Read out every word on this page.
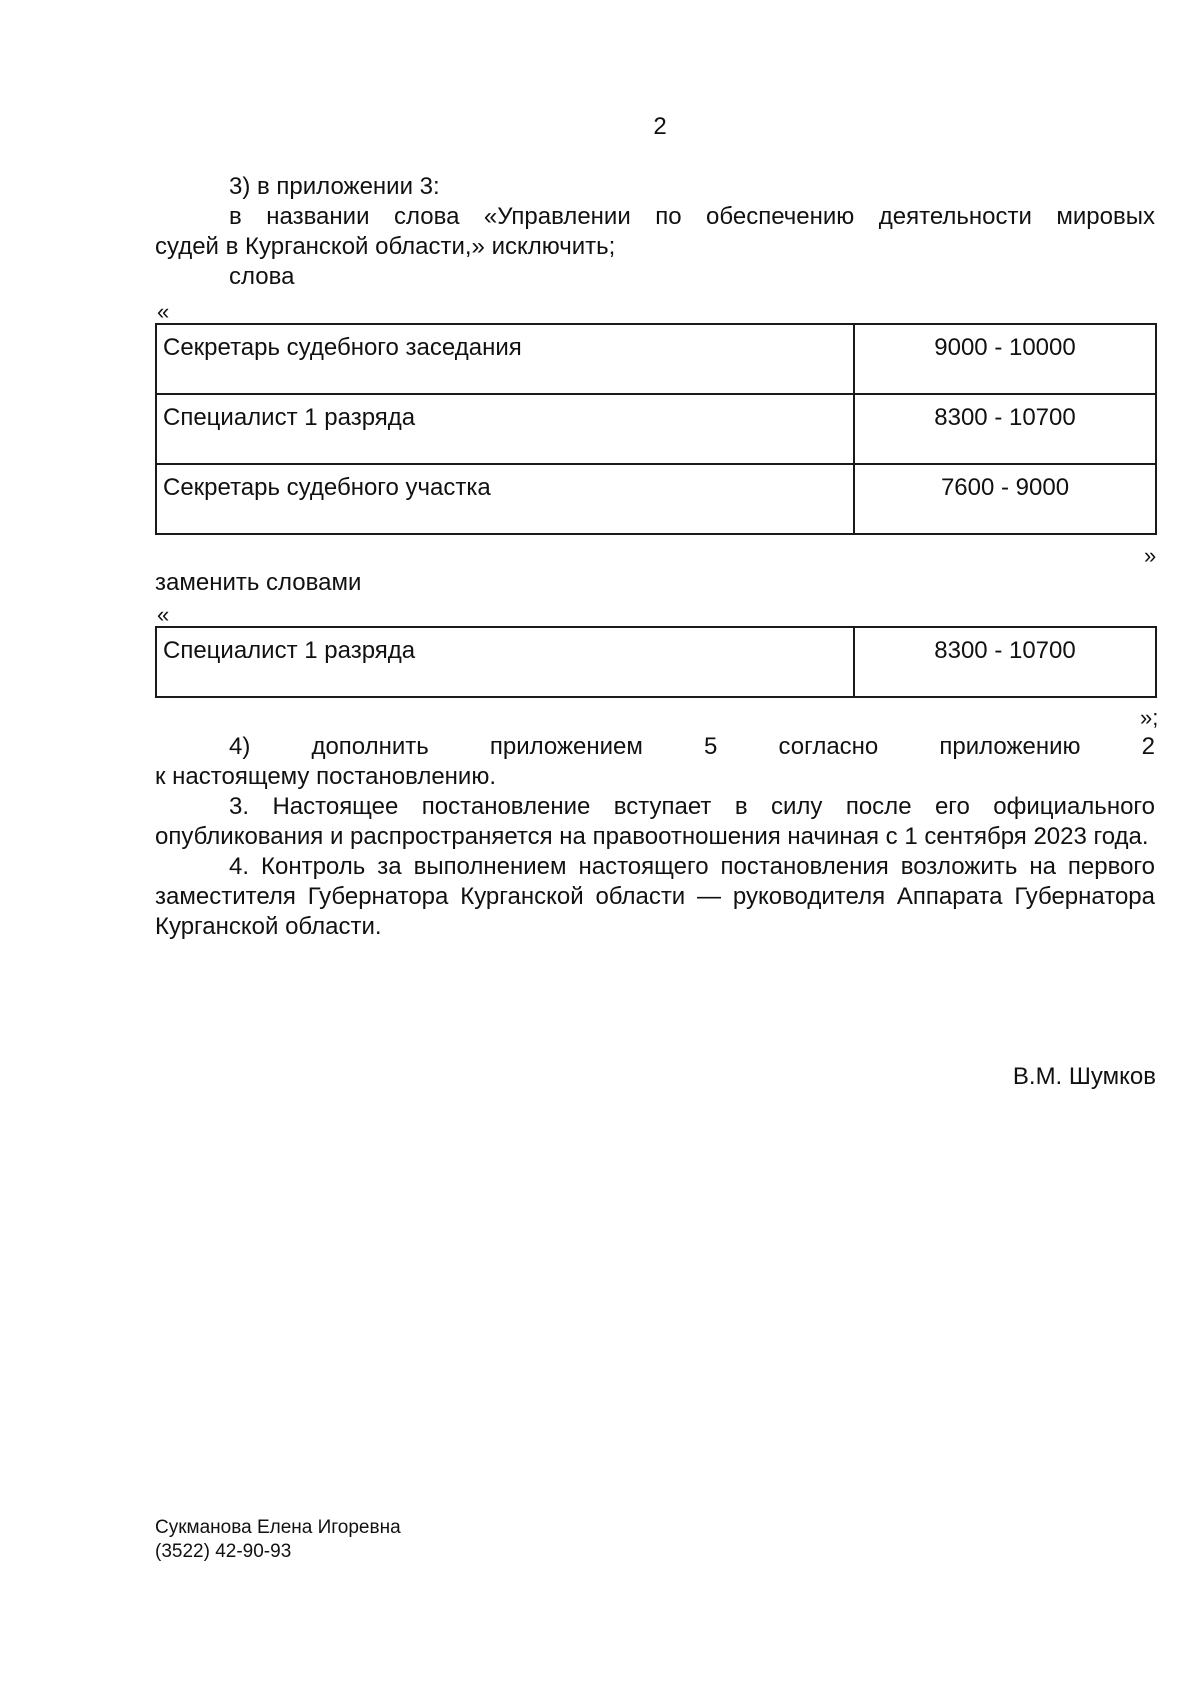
2

3) в приложении 3:

в названии слова «Управлении по обеспечению деятельности мировых

судей в Курганской области,» исключить;

слова

«
Секретарь судебного заседания	9000 - 10000
Специалист 1 разряда	8300 - 10700
Секретарь судебного участка	7600 - 9000
»

заменить словами

«
Специалист 1 разряда	8300 - 10700
»;

4) дополнить приложением 5 согласно приложению 2

к настоящему постановлению.

3. Настоящее постановление вступает в силу после его официального опубликования и распространяется на правоотношения начиная с 1 сентября 2023 года.

4. Контроль за выполнением настоящего постановления возложить на первого заместителя Губернатора Курганской области — руководителя Аппарата Губернатора Курганской области.

В.М. Шумков
Сукманова Елена Игоревна
(3522) 42-90-93
